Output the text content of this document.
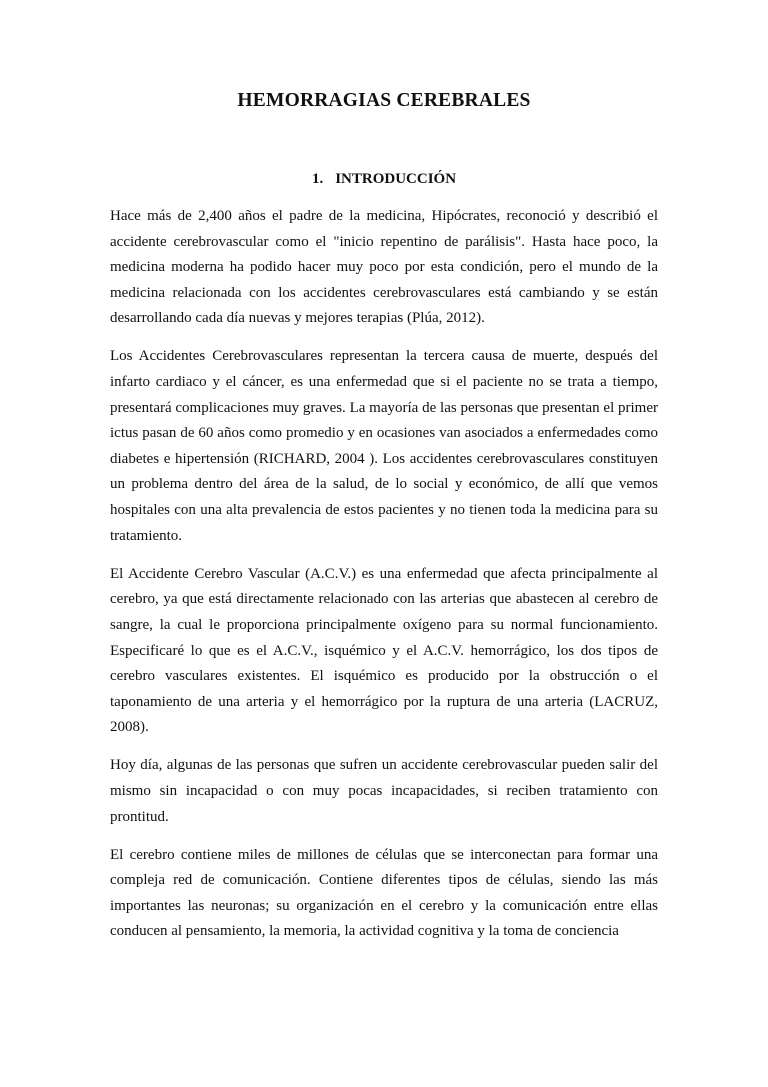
HEMORRAGIAS CEREBRALES
1. INTRODUCCIÓN

Hace más de 2,400 años el padre de la medicina, Hipócrates, reconoció y describió el accidente cerebrovascular como el "inicio repentino de parálisis". Hasta hace poco, la medicina moderna ha podido hacer muy poco por esta condición, pero el mundo de la medicina relacionada con los accidentes cerebrovasculares está cambiando y se están desarrollando cada día nuevas y mejores terapias (Plúa, 2012).

Los Accidentes Cerebrovasculares representan la tercera causa de muerte, después del infarto cardiaco y el cáncer, es una enfermedad que si el paciente no se trata a tiempo, presentará complicaciones muy graves. La mayoría de las personas que presentan el primer ictus pasan de 60 años como promedio y en ocasiones van asociados a enfermedades como diabetes e hipertensión (RICHARD, 2004 ). Los accidentes cerebrovasculares constituyen un problema dentro del área de la salud, de lo social y económico, de allí que vemos hospitales con una alta prevalencia de estos pacientes y no tienen toda la medicina para su tratamiento.

El Accidente Cerebro Vascular (A.C.V.) es una enfermedad que afecta principalmente al cerebro, ya que está directamente relacionado con las arterias que abastecen al cerebro de sangre, la cual le proporciona principalmente oxígeno para su normal funcionamiento. Especificaré lo que es el A.C.V., isquémico y el A.C.V. hemorrágico, los dos tipos de cerebro vasculares existentes. El isquémico es producido por la obstrucción o el taponamiento de una arteria y el hemorrágico por la ruptura de una arteria (LACRUZ, 2008).

Hoy día, algunas de las personas que sufren un accidente cerebrovascular pueden salir del mismo sin incapacidad o con muy pocas incapacidades, si reciben tratamiento con prontitud.

El cerebro contiene miles de millones de células que se interconectan para formar una compleja red de comunicación. Contiene diferentes tipos de células, siendo las más importantes las neuronas; su organización en el cerebro y la comunicación entre ellas conducen al pensamiento, la memoria, la actividad cognitiva y la toma de conciencia
